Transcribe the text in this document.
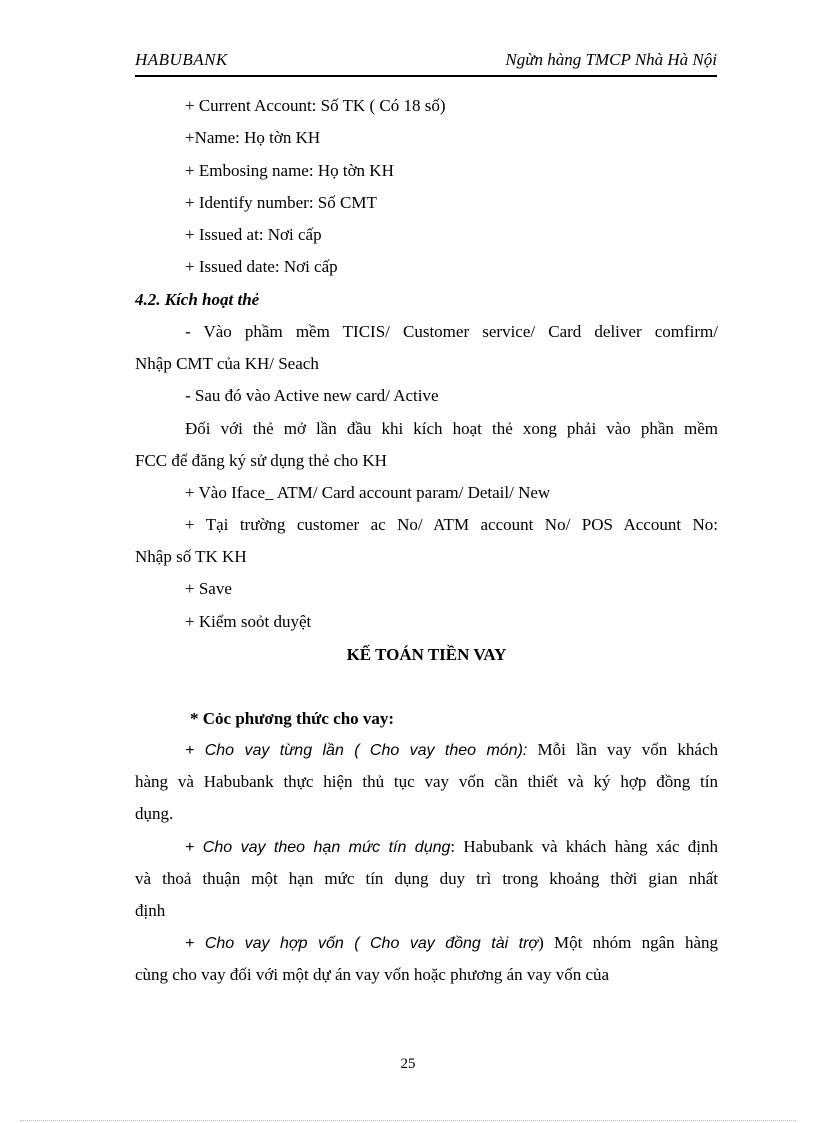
HABUBANK	Ngừn hàng TMCP Nhà Hà Nội
+ Current Account: Số TK ( Có 18 số)
+Name: Họ tờn KH
+ Embosing name: Họ tờn KH
+ Identify number: Số CMT
+ Issued at: Nơi cấp
+ Issued date: Nơi cấp
4.2. Kích hoạt thẻ
- Vào phầm mềm TICIS/ Customer service/ Card deliver comfirm/
Nhập CMT của KH/ Seach
- Sau đó vào Active new card/ Active
Đối với thẻ mở lần đầu khi kích hoạt thẻ xong phải vào phần mềm
FCC để đăng ký sử dụng thẻ cho KH
+ Vào Iface_ ATM/ Card account param/ Detail/ New
+ Tại trường customer ac No/ ATM account No/ POS Account No:
Nhập số TK KH
+ Save
+ Kiểm soỏt duyệt
KẾ TOÁN TIỀN VAY
* Cỏc phương thức cho vay:
+ Cho vay từng lần ( Cho vay theo món): Mỗi lần vay vốn khách
hàng và Habubank thực hiện thủ tục vay vốn cần thiết và ký hợp đồng tín
dụng.
+ Cho vay theo hạn mức tín dụng: Habubank và khách hàng xác định
và thoả thuận một hạn mức tín dụng duy trì trong khoảng thời gian nhất
định
+ Cho vay hợp vốn ( Cho vay đồng tài trợ) Một nhóm ngân hàng
cùng cho vay đối với một dự án vay vốn hoặc phương án vay vốn của
25
